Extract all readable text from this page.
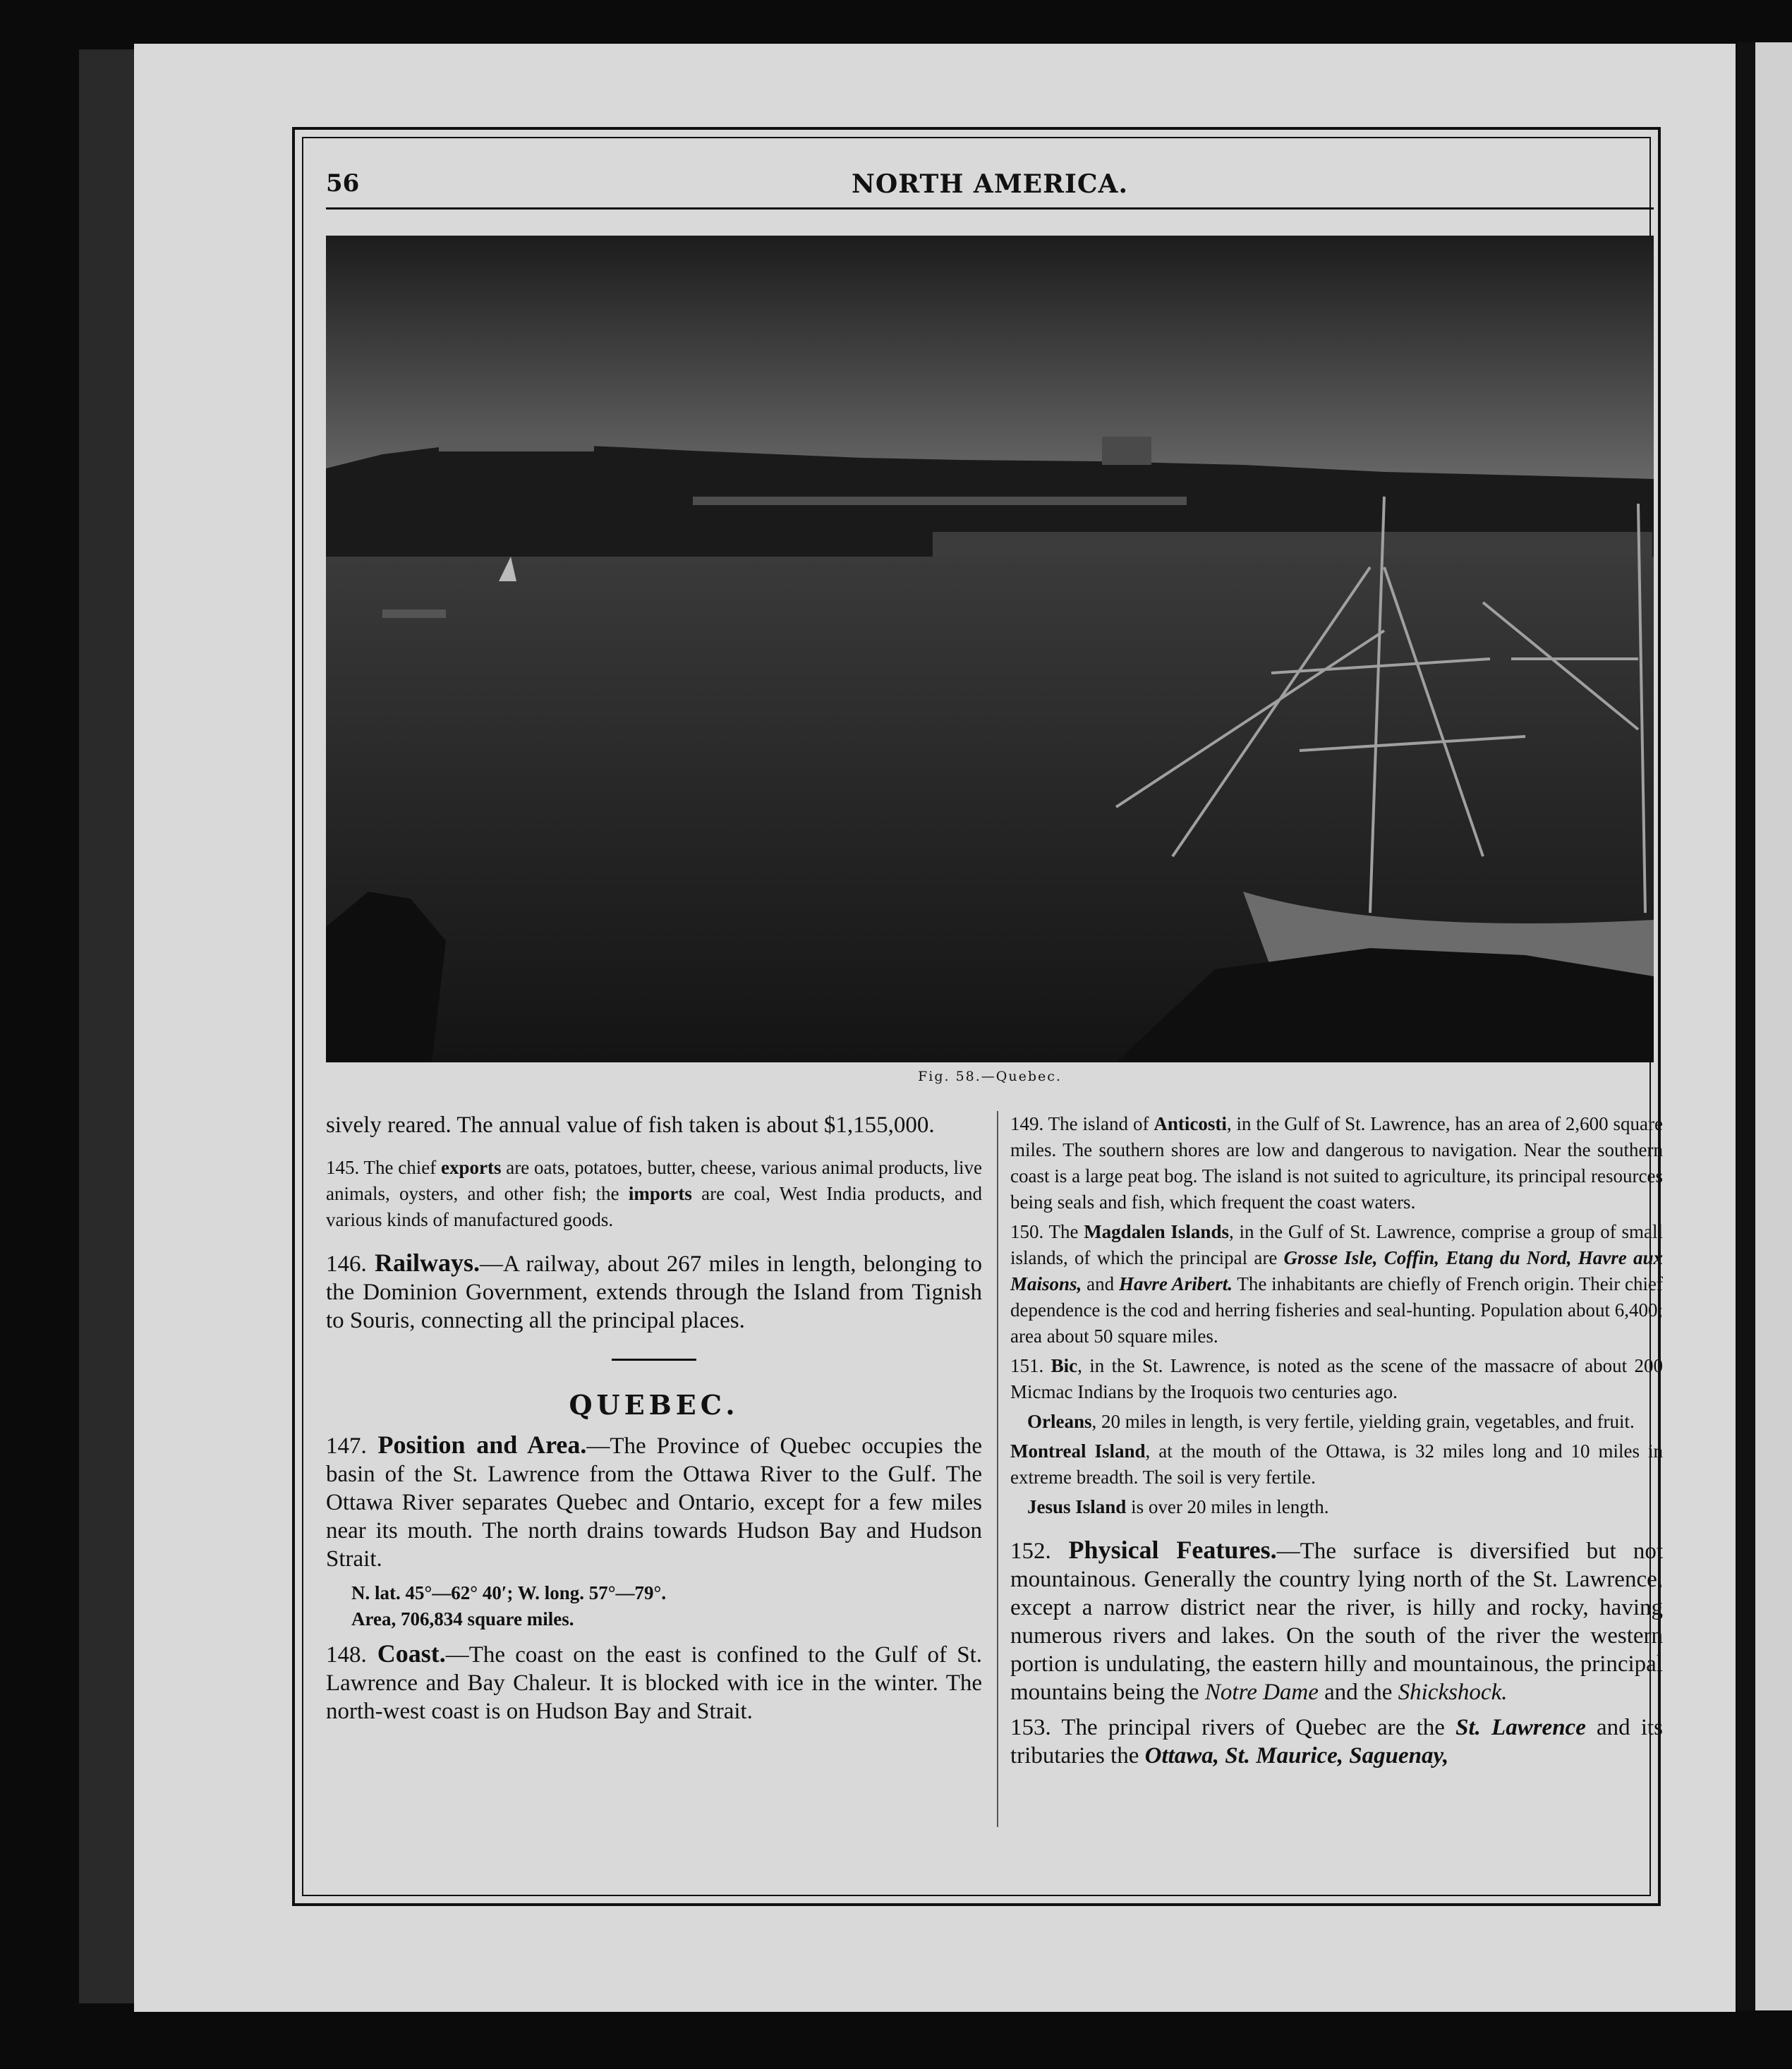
56	NORTH AMERICA.
Fig. 58.—Quebec.

sively reared. The annual value of fish taken is about $1,155,000.

145. The chief exports are oats, potatoes, butter, cheese, various animal products, live animals, oysters, and other fish; the imports are coal, West India products, and various kinds of manufactured goods.

146. Railways.—A railway, about 267 miles in length, belonging to the Dominion Government, extends through the Island from Tignish to Souris, connecting all the principal places.

QUEBEC.

147. Position and Area.—The Province of Quebec occupies the basin of the St. Lawrence from the Ottawa River to the Gulf. The Ottawa River separates Quebec and Ontario, except for a few miles near its mouth. The north drains towards Hudson Bay and Hudson Strait.

N. lat. 45°—62° 40′; W. long. 57°—79°.

Area, 706,834 square miles.

148. Coast.—The coast on the east is confined to the Gulf of St. Lawrence and Bay Chaleur. It is blocked with ice in the winter. The north-west coast is on Hudson Bay and Strait.

149. The island of Anticosti, in the Gulf of St. Lawrence, has an area of 2,600 square miles. The southern shores are low and dangerous to navigation. Near the southern coast is a large peat bog. The island is not suited to agriculture, its principal resources being seals and fish, which frequent the coast waters.

150. The Magdalen Islands, in the Gulf of St. Lawrence, comprise a group of small islands, of which the principal are Grosse Isle, Coffin, Etang du Nord, Havre aux Maisons, and Havre Aribert. The inhabitants are chiefly of French origin. Their chief dependence is the cod and herring fisheries and seal-hunting. Population about 6,400; area about 50 square miles.

151. Bic, in the St. Lawrence, is noted as the scene of the massacre of about 200 Micmac Indians by the Iroquois two centuries ago.

Orleans, 20 miles in length, is very fertile, yielding grain, vegetables, and fruit.

Montreal Island, at the mouth of the Ottawa, is 32 miles long and 10 miles in extreme breadth. The soil is very fertile.

Jesus Island is over 20 miles in length.

152. Physical Features.—The surface is diversified but not mountainous. Generally the country lying north of the St. Lawrence, except a narrow district near the river, is hilly and rocky, having numerous rivers and lakes. On the south of the river the western portion is undulating, the eastern hilly and mountainous, the principal mountains being the Notre Dame and the Shickshock.

153. The principal rivers of Quebec are the St. Lawrence and its tributaries the Ottawa, St. Maurice, Saguenay,
